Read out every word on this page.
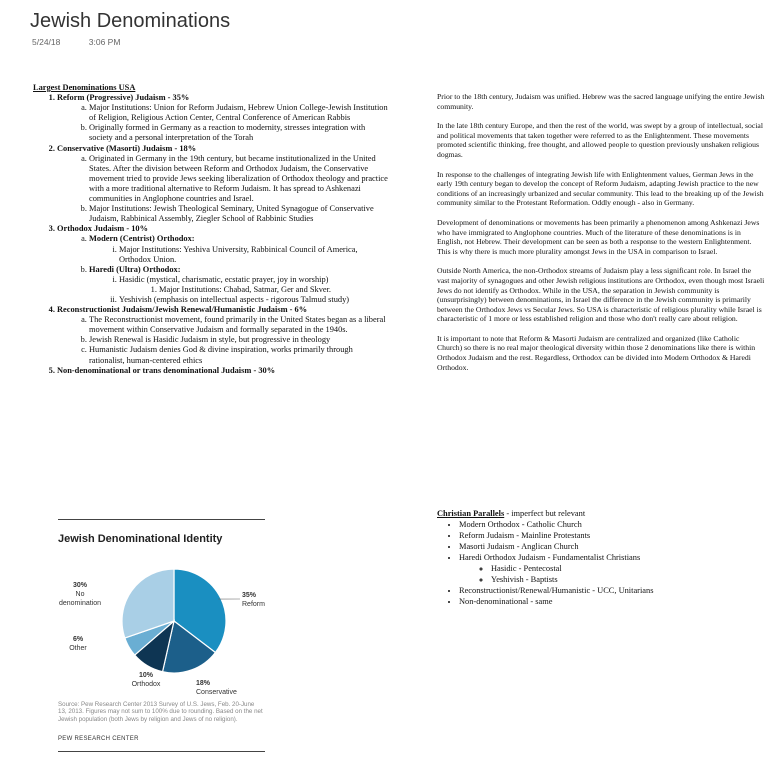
Jewish Denominations
5/24/18	3:06 PM
Largest Denominations USA
1. Reform (Progressive) Judaism - 35%
a. Major Institutions: Union for Reform Judaism, Hebrew Union College-Jewish Institution of Religion, Religious Action Center, Central Conference of American Rabbis
b. Originally formed in Germany as a reaction to modernity, stresses integration with society and a personal interpretation of the Torah
2. Conservative (Masorti) Judaism - 18%
a. Originated in Germany in the 19th century, but became institutionalized in the United States. After the division between Reform and Orthodox Judaism, the Conservative movement tried to provide Jews seeking liberalization of Orthodox theology and practice with a more traditional alternative to Reform Judaism. It has spread to Ashkenazi communities in Anglophone countries and Israel.
b. Major Institutions: Jewish Theological Seminary, United Synagogue of Conservative Judaism, Rabbinical Assembly, Ziegler School of Rabbinic Studies
3. Orthodox Judaism - 10%
a. Modern (Centrist) Orthodox:
i. Major Institutions: Yeshiva University, Rabbinical Council of America, Orthodox Union.
b. Haredi (Ultra) Orthodox:
i. Hasidic (mystical, charismatic, ecstatic prayer, joy in worship)
1. Major Institutions: Chabad, Satmar, Ger and Skver.
ii. Yeshivish (emphasis on intellectual aspects - rigorous Talmud study)
4. Reconstructionist Judaism/Jewish Renewal/Humanistic Judaism - 6%
a. The Reconstructionist movement, found primarily in the United States began as a liberal movement within Conservative Judaism and formally separated in the 1940s.
b. Jewish Renewal is Hasidic Judaism in style, but progressive in theology
c. Humanistic Judaism denies God & divine inspiration, works primarily through rationalist, human-centered ethics
5. Non-denominational or trans denominational Judaism - 30%

Prior to the 18th century, Judaism was unified. Hebrew was the sacred language unifying the entire Jewish community.

In the late 18th century Europe, and then the rest of the world, was swept by a group of intellectual, social and political movements that taken together were referred to as the Enlightenment. These movements promoted scientific thinking, free thought, and allowed people to question previously unshaken religious dogmas.

In response to the challenges of integrating Jewish life with Enlightenment values, German Jews in the early 19th century began to develop the concept of Reform Judaism, adapting Jewish practice to the new conditions of an increasingly urbanized and secular community. This lead to the breaking up of the Jewish community similar to the Protestant Reformation. Oddly enough - also in Germany.

Development of denominations or movements has been primarily a phenomenon among Ashkenazi Jews who have immigrated to Anglophone countries. Much of the literature of these denominations is in English, not Hebrew. Their development can be seen as both a response to the western Enlightenment. This is why there is much more plurality amongst Jews in the USA in comparison to Israel.

Outside North America, the non-Orthodox streams of Judaism play a less significant role. In Israel the vast majority of synagogues and other Jewish religious institutions are Orthodox, even though most Israeli Jews do not identify as Orthodox. While in the USA, the separation in Jewish community is (unsurprisingly) between denominations, in Israel the difference in the Jewish community is primarily between the Orthodox Jews vs Secular Jews. So USA is characteristic of religious plurality while Israel is characteristic of 1 more or less established religion and those who don't really care about religion.

It is important to note that Reform & Masorti Judaism are centralized and organized (like Catholic Church) so there is no real major theological diversity within those 2 denominations like there is within Orthodox Judaism and the rest. Regardless, Orthodox can be divided into Modern Orthodox & Haredi Orthodox.

Christian Parallels - imperfect but relevant
• Modern Orthodox - Catholic Church
• Reform Judaism - Mainline Protestants
• Masorti Judaism - Anglican Church
• Haredi Orthodox Judaism - Fundamentalist Christians
◦ Hasidic - Pentecostal
◦ Yeshivish - Baptists
• Reconstructionist/Renewal/Humanistic - UCC, Unitarians
• Non-denominational - same
Jewish Denominational Identity
35%
Reform
18%
Conservative
10%
Orthodox
6%
Other
30%
No
denomination
Source: Pew Research Center 2013 Survey of U.S. Jews, Feb. 20-June 13, 2013. Figures may not sum to 100% due to rounding. Based on the net Jewish population (both Jews by religion and Jews of no religion).
PEW RESEARCH CENTER
